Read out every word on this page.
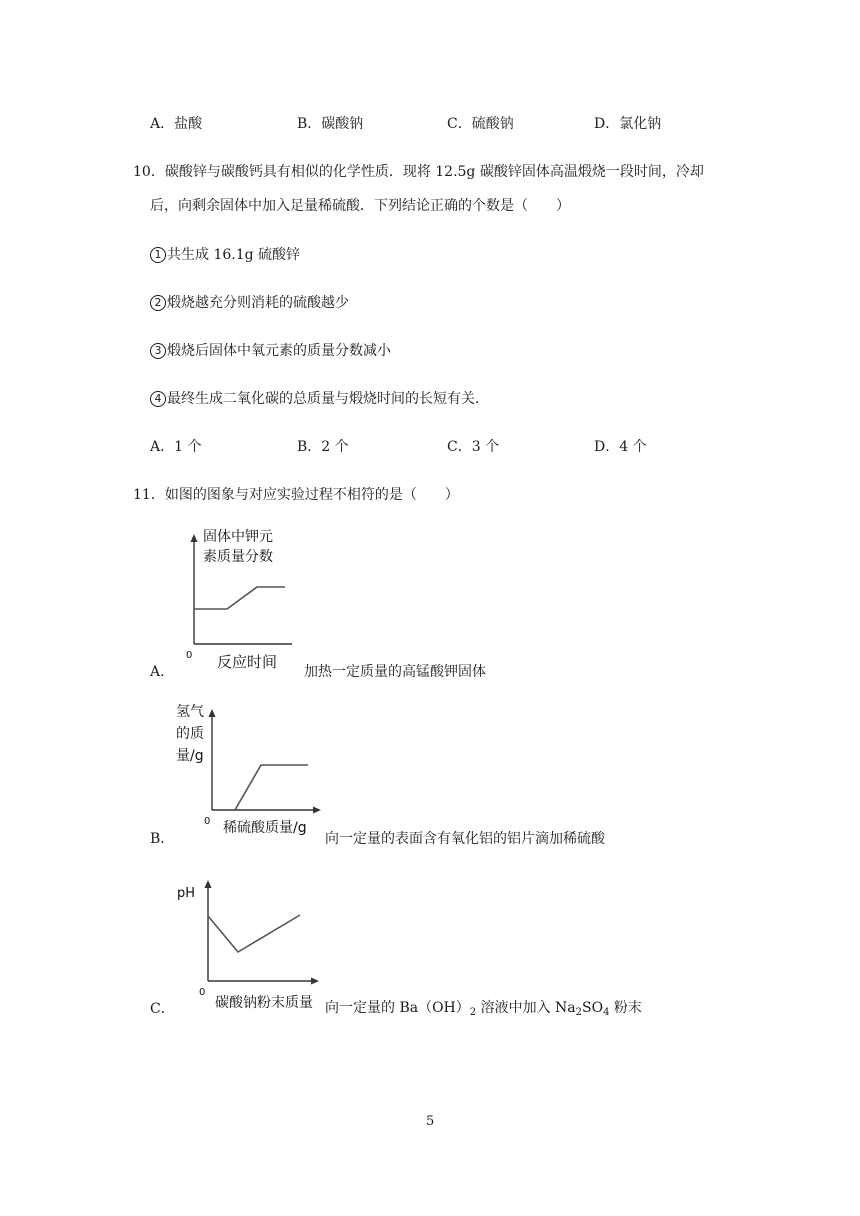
A．盐酸	B．碳酸钠	C．硫酸钠	D．氯化钠
10．碳酸锌与碳酸钙具有相似的化学性质．现将 12.5g 碳酸锌固体高温煅烧一段时间，冷却
后，向剩余固体中加入足量稀硫酸．下列结论正确的个数是（　　）
1 共生成 16.1g 硫酸锌
2 煅烧越充分则消耗的硫酸越少
3 煅烧后固体中氧元素的质量分数减小
4 最终生成二氧化碳的总质量与煅烧时间的长短有关．
A．1 个	B．2 个	C．3 个	D．4 个
11．如图的图象与对应实验过程不相符的是（　　）
固体中钾元
素质量分数
0 反应时间
A．	加热一定质量的高锰酸钾固体
氢气
的质
量/g
0 稀硫酸质量/g
B．	向一定量的表面含有氧化铝的铝片滴加稀硫酸
pH
0
碳酸钠粉末质量
C．	向一定量的 $Ba(OH)_2$ 溶液中加入 $Na_2SO_4$ 粉末
5
